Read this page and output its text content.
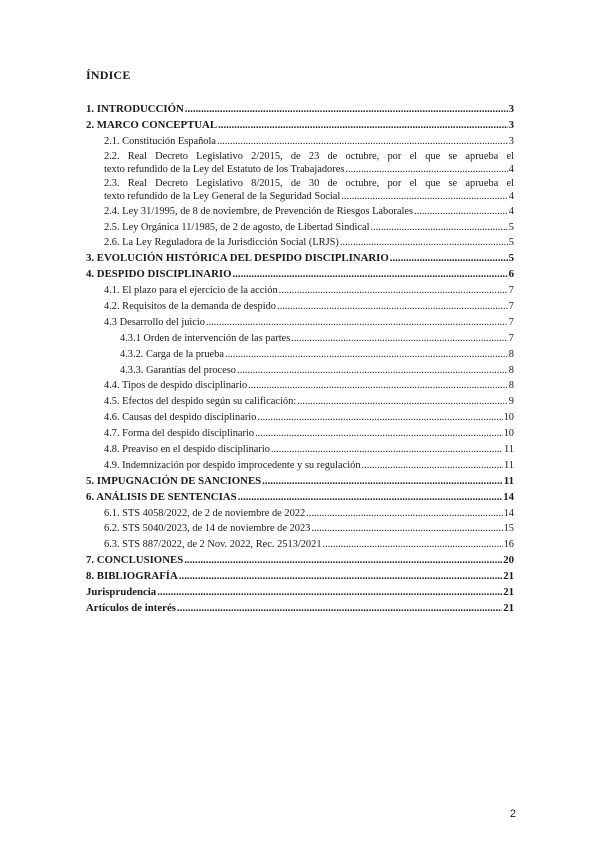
ÍNDICE
1. INTRODUCCIÓN .....	3
2. MARCO CONCEPTUAL .....	3
2.1. Constitución Española .....	3
2.2. Real Decreto Legislativo 2/2015, de 23 de octubre, por el que se aprueba el
texto refundido de la Ley del Estatuto de los Trabajadores .....	4
2.3. Real Decreto Legislativo 8/2015, de 30 de octubre, por el que se aprueba el
texto refundido de la Ley General de la Seguridad Social .....	4
2.4. Ley 31/1995, de 8 de noviembre, de Prevención de Riesgos Laborales .....	4
2.5. Ley Orgánica 11/1985, de 2 de agosto, de Libertad Sindical .....	5
2.6. La Ley Reguladora de la Jurisdicción Social (LRJS) .....	5
3. EVOLUCIÓN HISTÓRICA DEL DESPIDO DISCIPLINARIO .....	5
4. DESPIDO DISCIPLINARIO .....	6
4.1. El plazo para el ejercicio de la acción .....	7
4.2. Requisitos de la demanda de despido .....	7
4.3 Desarrollo del juicio .....	7
4.3.1 Orden de intervención de las partes .....	7
4.3.2. Carga de la prueba .....	8
4.3.3. Garantías del proceso .....	8
4.4. Tipos de despido disciplinario .....	8
4.5. Efectos del despido según su calificación: .....	9
4.6. Causas del despido disciplinario .....	10
4.7. Forma del despido disciplinario .....	10
4.8. Preaviso en el despido disciplinario .....	11
4.9. Indemnización por despido improcedente y su regulación .....	11
5. IMPUGNACIÓN DE SANCIONES .....	11
6. ANÁLISIS DE SENTENCIAS .....	14
6.1. STS 4058/2022, de 2 de noviembre de 2022 .....	14
6.2. STS 5040/2023, de 14 de noviembre de 2023 .....	15
6.3. STS 887/2022, de 2 Nov. 2022, Rec. 2513/2021 .....	16
7. CONCLUSIONES .....	20
8. BIBLIOGRAFÍA .....	21
Jurisprudencia .....	21
Artículos de interés .....	21
2
